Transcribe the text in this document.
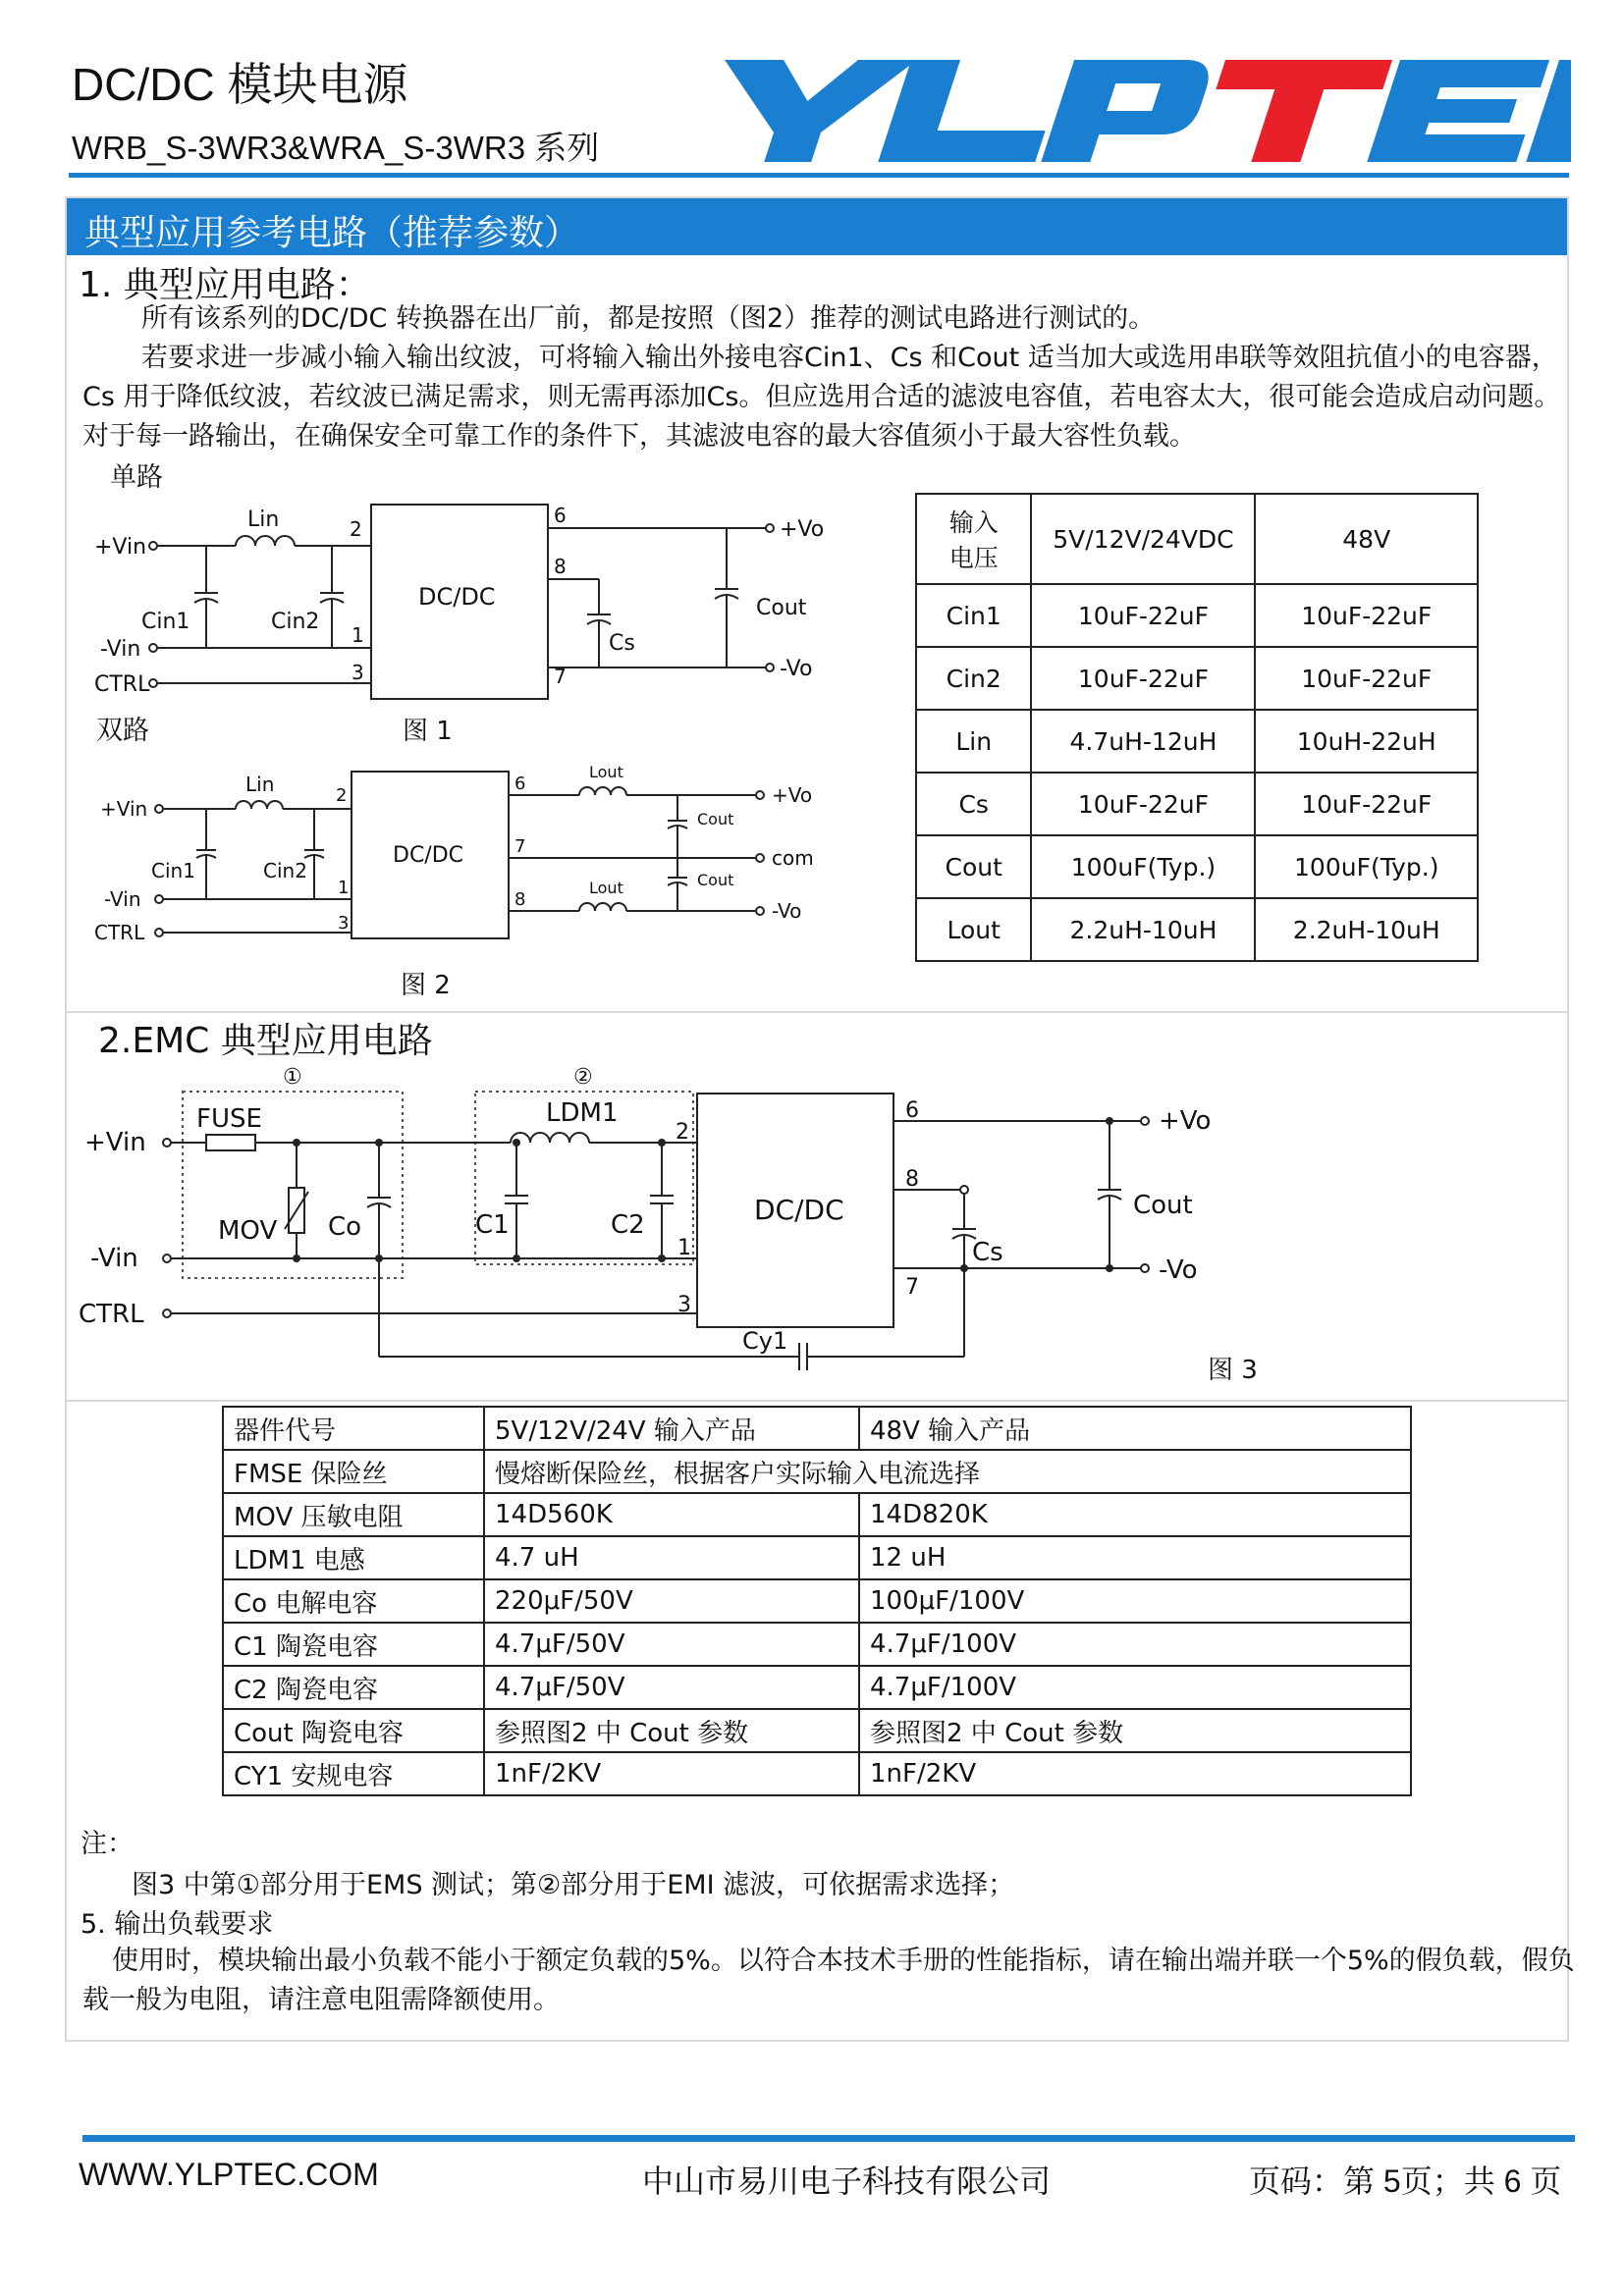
DC/DC 模块电源
WRB_S-3WR3&WRA_S-3WR3 系列
典型应用参考电路（推荐参数）
1. 典型应用电路：
所有该系列的DC/DC 转换器在出厂前，都是按照（图2）推荐的测试电路进行测试的。
若要求进一步减小输入输出纹波，可将输入输出外接电容Cin1、Cs 和Cout 适当加大或选用串联等效阻抗值小的电容器，Cs 用于降低纹波，若纹波已满足需求，则无需再添加Cs。但应选用合适的滤波电容值，若电容太大，很可能会造成启动问题。对于每一路输出，在确保安全可靠工作的条件下，其滤波电容的最大容值须小于最大容性负载。
单路
双路
+Vin
-Vin
CTRL
Lin
Cin1	Cin2
DC/DC
2
1
3
6
8
7
Cs
Cout
+Vo
-Vo
图 1
+Vin
-Vin
CTRL
Lin
Cin1	Cin2
DC/DC
2
1
3
6
7
8
Lout
Lout
Cout
Cout
+Vo
com
-Vo
图 2
输入
电压	5V/12V/24VDC	48V
Cin1	10uF-22uF	10uF-22uF
Cin2	10uF-22uF	10uF-22uF
Lin	4.7uH-12uH	10uH-22uH
Cs	10uF-22uF	10uF-22uF
Cout	100uF(Typ.)	100uF(Typ.)
Lout	2.2uH-10uH	2.2uH-10uH
2.EMC 典型应用电路
①	②
+Vin
-Vin
CTRL
FUSE
MOV Co
LDM1
C1	C2	DC/DC
2
1
3
6
8
7
Cs
Cout
+Vo
-Vo
Cy1
图 3
器件代号	5V/12V/24V 输入产品	48V 输入产品
FMSE 保险丝	慢熔断保险丝，根据客户实际输入电流选择	
MOV 压敏电阻	14D560K	14D820K
LDM1 电感	4.7 uH	12 uH
Co 电解电容	220μF/50V	100μF/100V
C1 陶瓷电容	4.7μF/50V	4.7μF/100V
C2 陶瓷电容	4.7μF/50V	4.7μF/100V
Cout 陶瓷电容	参照图2 中 Cout 参数	参照图2 中 Cout 参数
CY1 安规电容	1nF/2KV	1nF/2KV
注：
图3 中第①部分用于EMS 测试；第②部分用于EMI 滤波，可依据需求选择；
5. 输出负载要求
使用时，模块输出最小负载不能小于额定负载的5%。以符合本技术手册的性能指标，请在输出端并联一个5%的假负载，假负载一般为电阻，请注意电阻需降额使用。
WWW.YLPTEC.COM	中山市易川电子科技有限公司	页码：第 5页；共 6 页
